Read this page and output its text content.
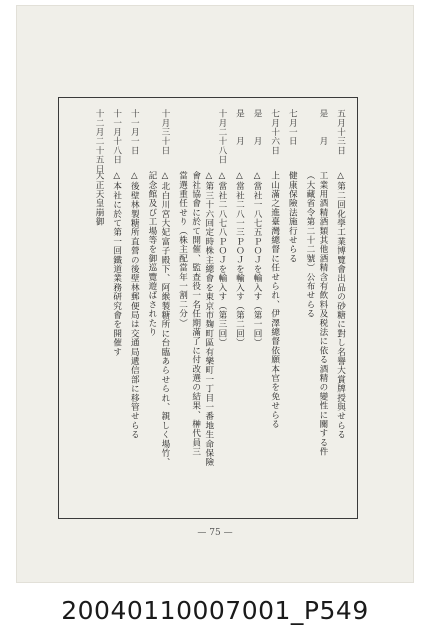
五月十三日
△第二回化學工業博覽會出品の砂糖に對し名譽大賞牌授與せらる
是　　月
工業用酒精酒類其他酒精含有飲料及税法に依る酒精の變性に關する件
（大藏省令第二十二號）公布せらる
七月一日
健康保險法施行せらる
七月十六日
上山滿之進臺灣總督に任せられ、伊澤總督依願本官を免せらる
是　　月
△當社一八七五ＰＯＪを輸入す（第一回）
是　　月
△當社二八一三ＰＯＪを輸入す（第二回）
十月二十八日
△當社二八七八ＰＯＪを輸入す（第三回）
△第三十六回定時株主總會を東京市麹町區有樂町一丁目一番地生命保險
會社協會に於て開催、監查役一名任期滿了に付改選の結果、榊代員三
當選重任せり（株主配當年一割二分）
十月三十日
△北白川宮大妃富子殿下、阿緱製糖所に台臨あらせられ、親しく場竹、
記念館及び工場等を御巡覽遊ばされたり
十一月一日
△後壁林製糖所直營の後壁林郵便局は交通局遞信部に移管せらる
十一月十八日
△本社に於て第一回鐵道業務研究會を開催す
十二月二十五日
大正天皇崩御
— 75 —
20040110007001_P549
